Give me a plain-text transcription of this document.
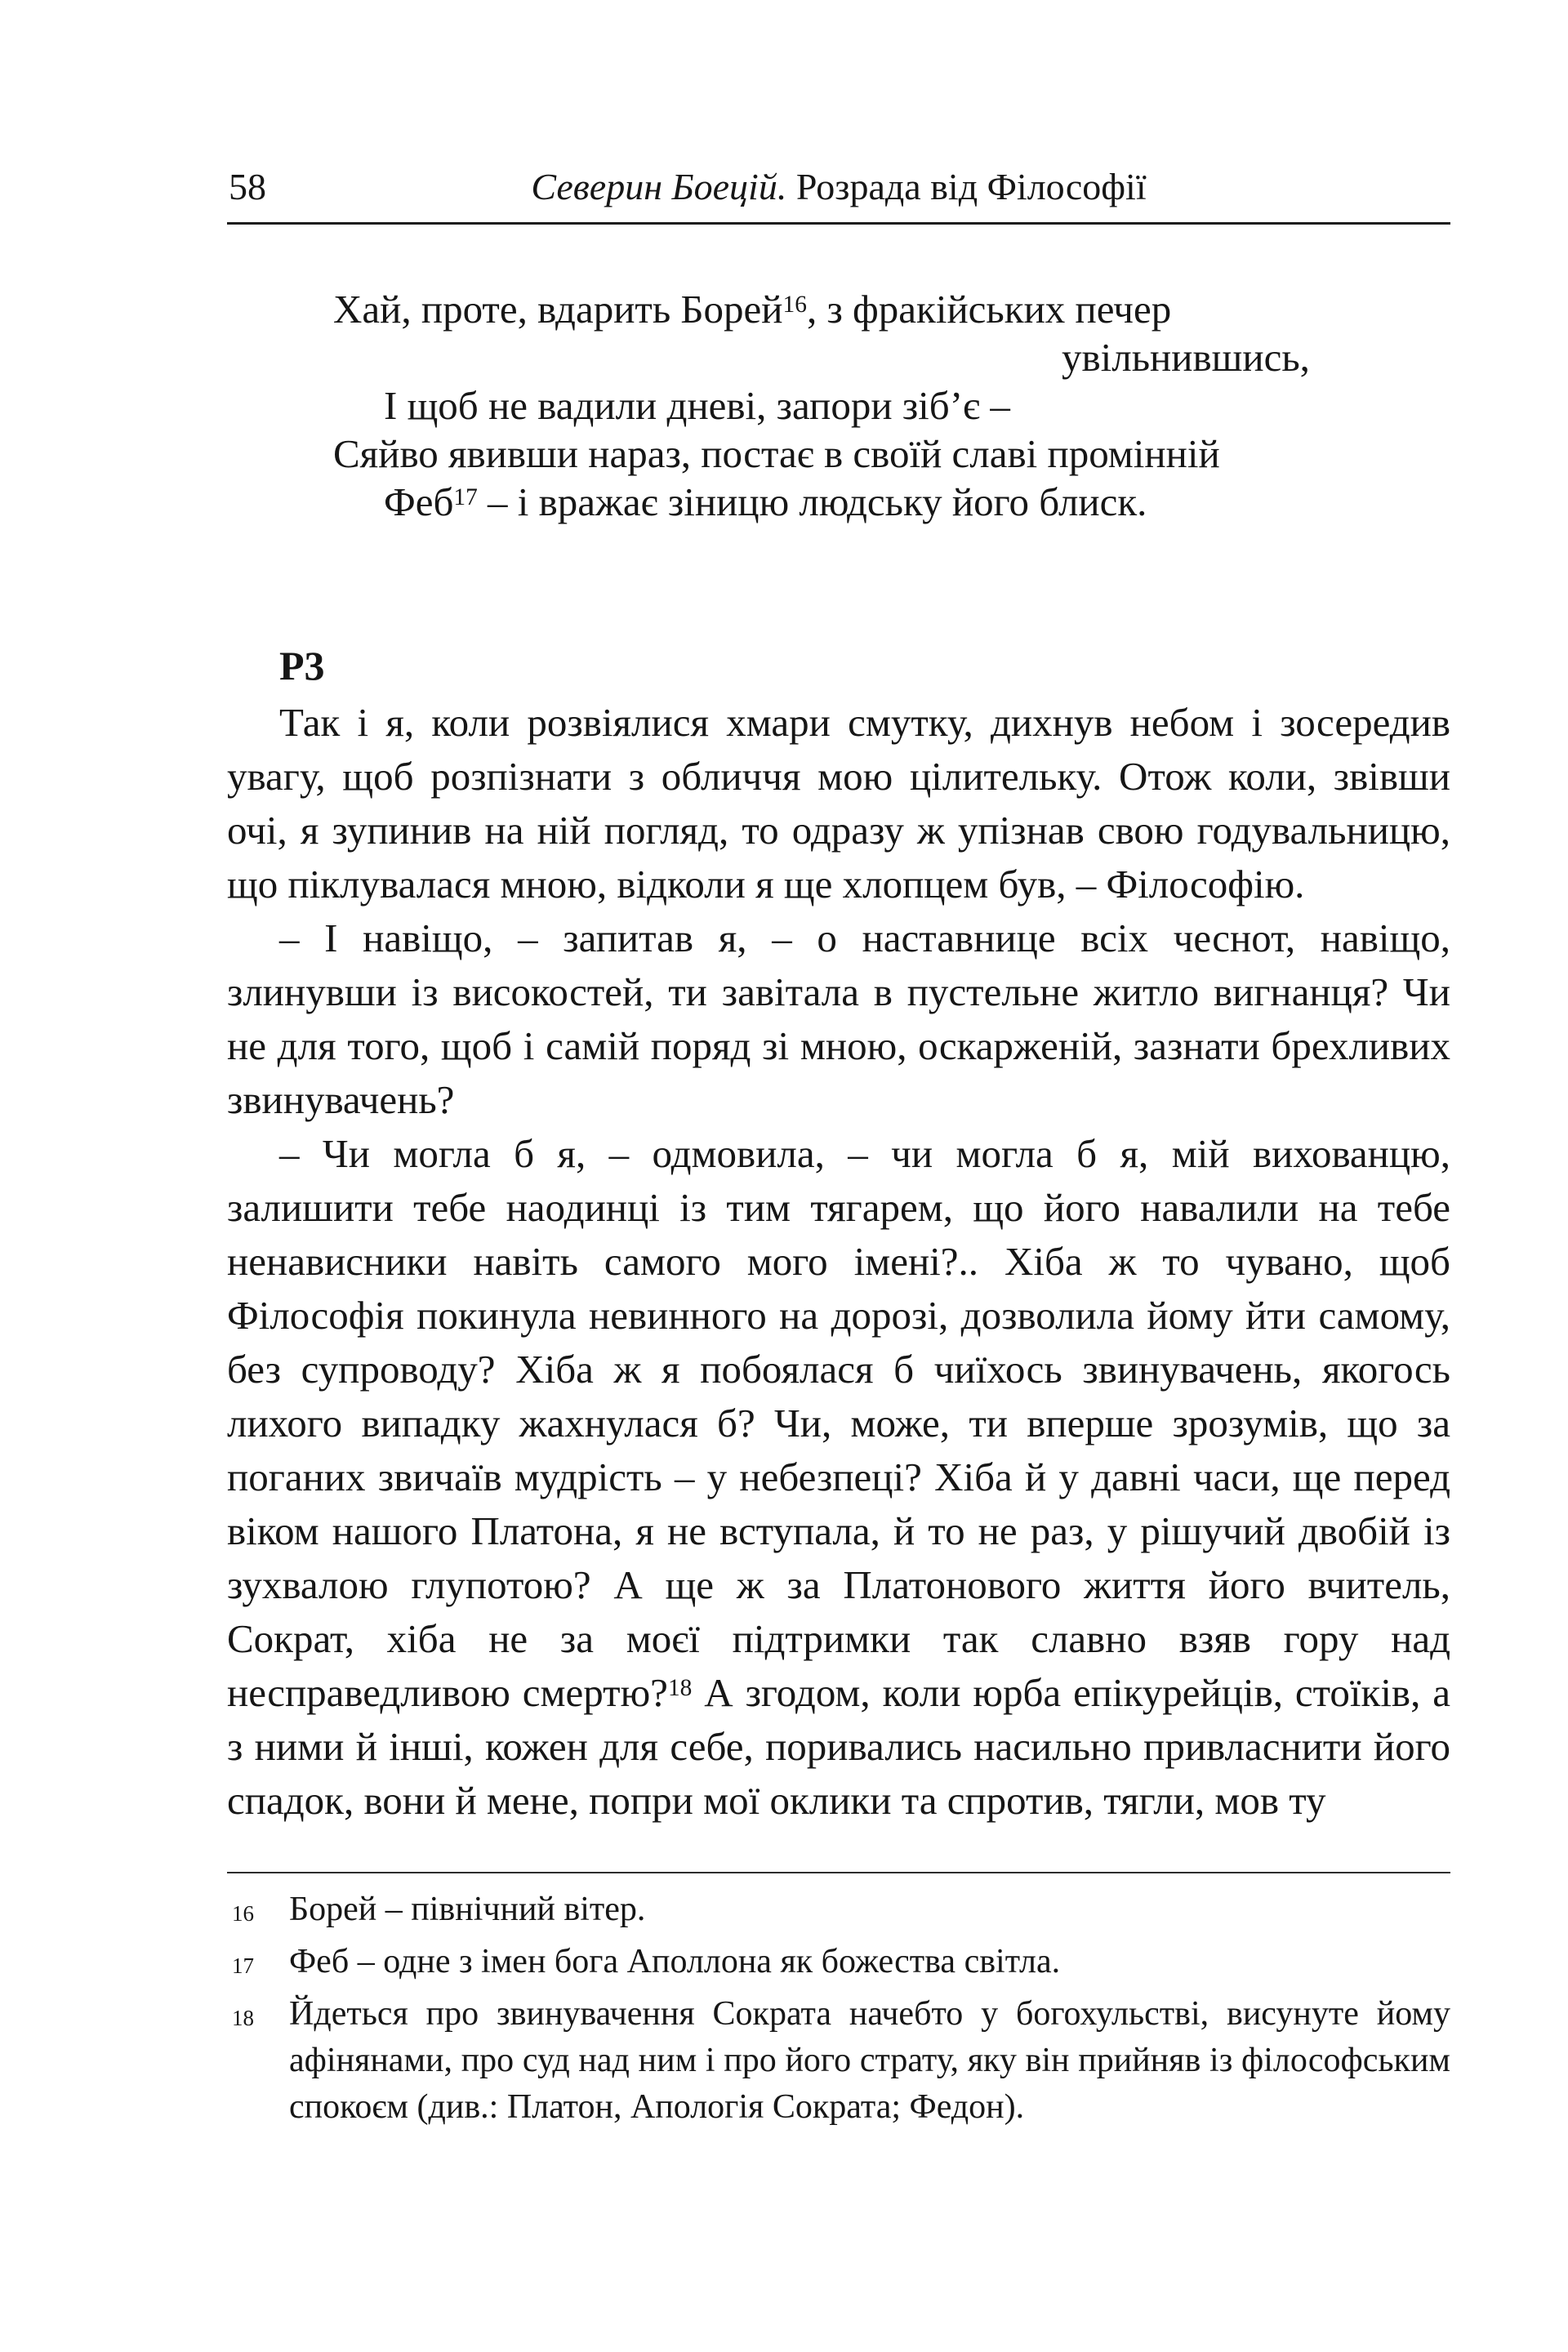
58	Северин Боецій. Розрада від Філософії
Хай, проте, вдарить Борей$^{16}$, з фракійських печер
увільнившись,
І щоб не вадили дневі, запори зіб’є –
Сяйво явивши нараз, постає в своїй славі промінній
Феб$^{17}$ – і вражає зіницю людську його блиск.
Р3

Так і я, коли розвіялися хмари смутку, дихнув небом і зосередив увагу, щоб розпізнати з обличчя мою цілительку. Отож коли, звівши очі, я зупинив на ній погляд, то одразу ж упізнав свою годувальницю, що піклувалася мною, відколи я ще хлопцем був, – Філософію.

– І навіщо, – запитав я, – о наставнице всіх чеснот, навіщо, злинувши із високостей, ти завітала в пустельне житло вигнанця? Чи не для того, щоб і самій поряд зі мною, оскарженій, зазнати брехливих звинувачень?

– Чи могла б я, – одмовила, – чи могла б я, мій вихованцю, залишити тебе наодинці із тим тягарем, що його навалили на тебе ненависники навіть самого мого імені?.. Хіба ж то чувано, щоб Філософія покинула невинного на дорозі, дозволила йому йти самому, без супроводу? Хіба ж я побоялася б чиїхось звинувачень, якогось лихого випадку жахнулася б? Чи, може, ти вперше зрозумів, що за поганих звичаїв мудрість – у небезпеці? Хіба й у давні часи, ще перед віком нашого Платона, я не вступала, й то не раз, у рішучий двобій із зухвалою глупотою? А ще ж за Платонового життя його вчитель, Сократ, хіба не за моєї підтримки так славно взяв гору над несправедливою смертю?$^{18}$ А згодом, коли юрба епікурейців, стоїків, а з ними й інші, кожен для себе, поривались насильно привласнити його спадок, вони й мене, попри мої оклики та спротив, тягли, мов ту

16	Борей – північний вітер.
17	Феб – одне з імен бога Аполлона як божества світла.
18	Йдеться про звинувачення Сократа начебто у богохульстві, висунуте йому афінянами, про суд над ним і про його страту, яку він прийняв із філософським спокоєм (див.: Платон, Апологія Сократа; Федон).
